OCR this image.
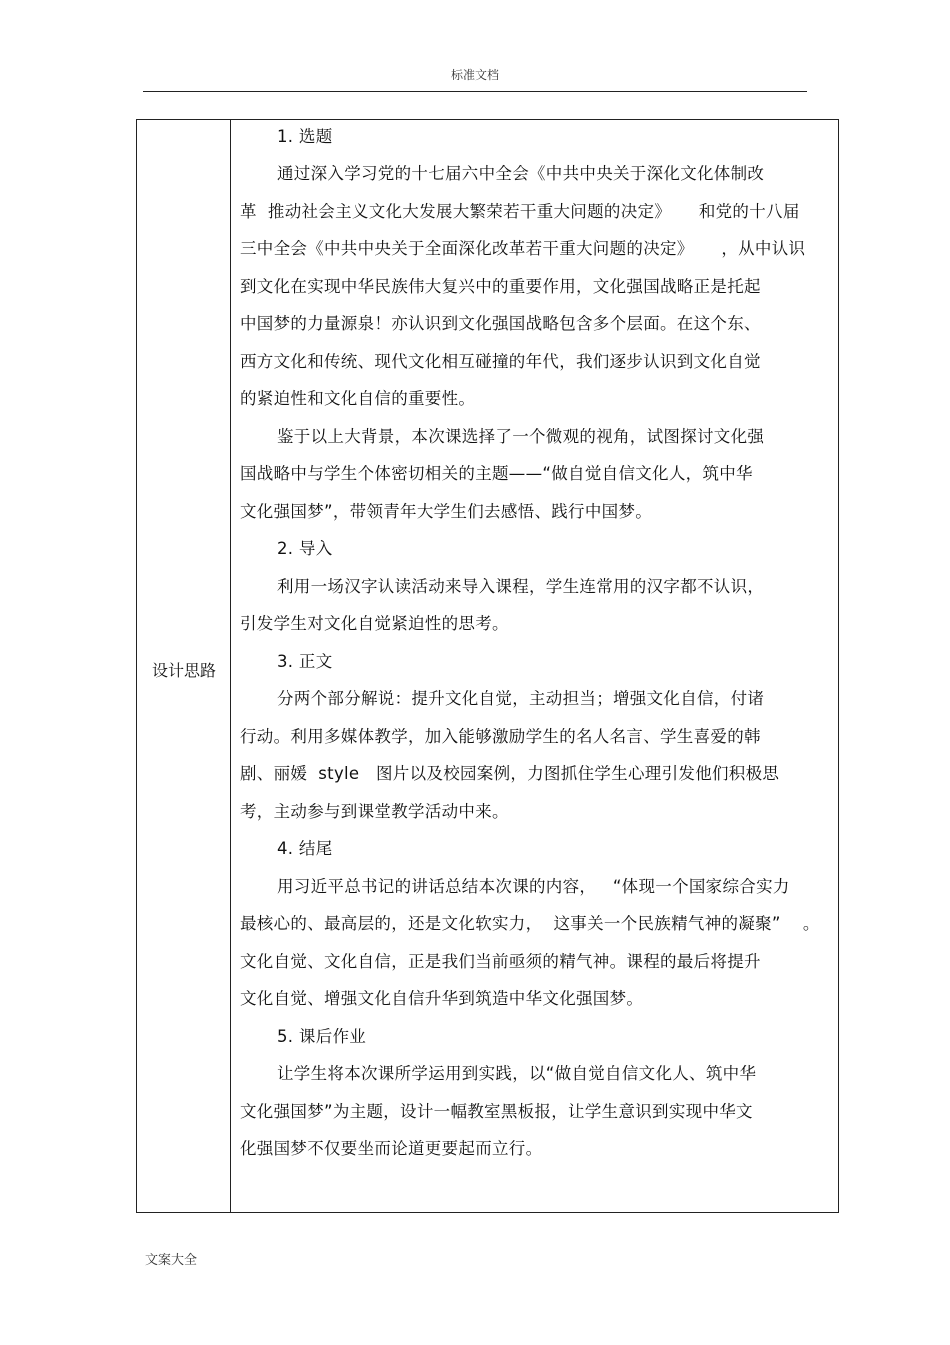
标准文档
设计思路
1. 选题
通过深入学习党的十七届六中全会《中共中央关于深化文化体制改
革  推动社会主义文化大发展大繁荣若干重大问题的决定》     和党的十八届
三中全会《中共中央关于全面深化改革若干重大问题的决定》     ，从中认识
到文化在实现中华民族伟大复兴中的重要作用，文化强国战略正是托起
中国梦的力量源泉！亦认识到文化强国战略包含多个层面。在这个东、
西方文化和传统、现代文化相互碰撞的年代，我们逐步认识到文化自觉
的紧迫性和文化自信的重要性。
鉴于以上大背景，本次课选择了一个微观的视角，试图探讨文化强
国战略中与学生个体密切相关的主题——“做自觉自信文化人，筑中华
文化强国梦”，带领青年大学生们去感悟、践行中国梦。
2. 导入
利用一场汉字认读活动来导入课程，学生连常用的汉字都不认识，
引发学生对文化自觉紧迫性的思考。
3. 正文
分两个部分解说：提升文化自觉，主动担当；增强文化自信，付诸
行动。利用多媒体教学，加入能够激励学生的名人名言、学生喜爱的韩
剧、丽媛  style   图片以及校园案例，力图抓住学生心理引发他们积极思
考，主动参与到课堂教学活动中来。
4. 结尾
用习近平总书记的讲话总结本次课的内容，   “体现一个国家综合实力
最核心的、最高层的，还是文化软实力，  这事关一个民族精气神的凝聚”    。
文化自觉、文化自信，正是我们当前亟须的精气神。课程的最后将提升
文化自觉、增强文化自信升华到筑造中华文化强国梦。
5. 课后作业
让学生将本次课所学运用到实践，以“做自觉自信文化人、筑中华
文化强国梦”为主题，设计一幅教室黑板报，让学生意识到实现中华文
化强国梦不仅要坐而论道更要起而立行。
文案大全
